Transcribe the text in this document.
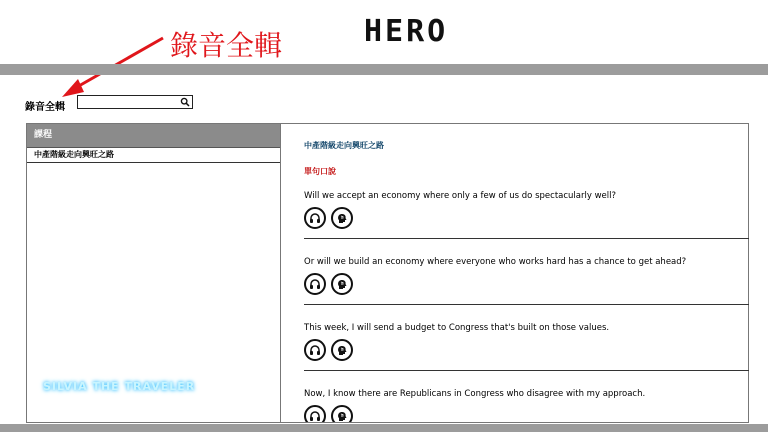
HERO
錄音全輯
錄音全輯
課程
中產階級走向興旺之路
SILVIA THE TRAVELER
中產階級走向興旺之路
單句口說
Will we accept an economy where only a few of us do spectacularly well?
Or will we build an economy where everyone who works hard has a chance to get ahead?
This week, I will send a budget to Congress that's built on those values.
Now, I know there are Republicans in Congress who disagree with my approach.
